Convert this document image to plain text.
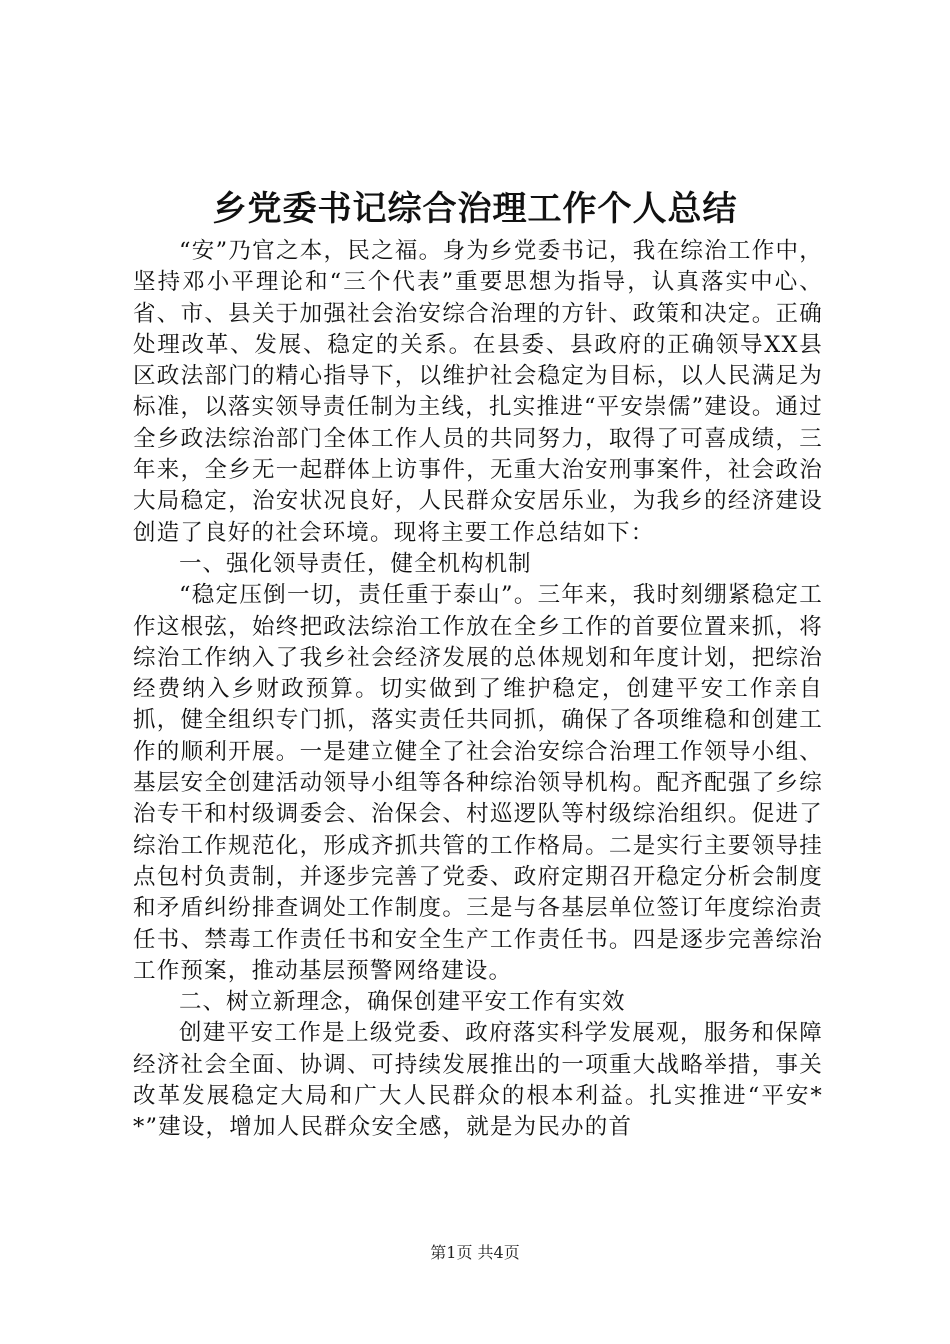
乡党委书记综合治理工作个人总结

“安”乃官之本，民之福。身为乡党委书记，我在综治工作中，坚持邓小平理论和“三个代表”重要思想为指导，认真落实中心、省、市、县关于加强社会治安综合治理的方针、政策和决定。正确处理改革、发展、稳定的关系。在县委、县政府的正确领导XX县区政法部门的精心指导下，以维护社会稳定为目标，以人民满足为标准，以落实领导责任制为主线，扎实推进“平安崇儒”建设。通过全乡政法综治部门全体工作人员的共同努力，取得了可喜成绩，三年来，全乡无一起群体上访事件，无重大治安刑事案件，社会政治大局稳定，治安状况良好，人民群众安居乐业，为我乡的经济建设创造了良好的社会环境。现将主要工作总结如下：

一、强化领导责任，健全机构机制

“稳定压倒一切，责任重于泰山”。三年来，我时刻绷紧稳定工作这根弦，始终把政法综治工作放在全乡工作的首要位置来抓，将综治工作纳入了我乡社会经济发展的总体规划和年度计划，把综治经费纳入乡财政预算。切实做到了维护稳定，创建平安工作亲自抓，健全组织专门抓，落实责任共同抓，确保了各项维稳和创建工作的顺利开展。一是建立健全了社会治安综合治理工作领导小组、基层安全创建活动领导小组等各种综治领导机构。配齐配强了乡综治专干和村级调委会、治保会、村巡逻队等村级综治组织。促进了综治工作规范化，形成齐抓共管的工作格局。二是实行主要领导挂点包村负责制，并逐步完善了党委、政府定期召开稳定分析会制度和矛盾纠纷排查调处工作制度。三是与各基层单位签订年度综治责任书、禁毒工作责任书和安全生产工作责任书。四是逐步完善综治工作预案，推动基层预警网络建设。

二、树立新理念，确保创建平安工作有实效

创建平安工作是上级党委、政府落实科学发展观，服务和保障经济社会全面、协调、可持续发展推出的一项重大战略举措，事关改革发展稳定大局和广大人民群众的根本利益。扎实推进“平安**”建设，增加人民群众安全感，就是为民办的首

第1页 共4页
